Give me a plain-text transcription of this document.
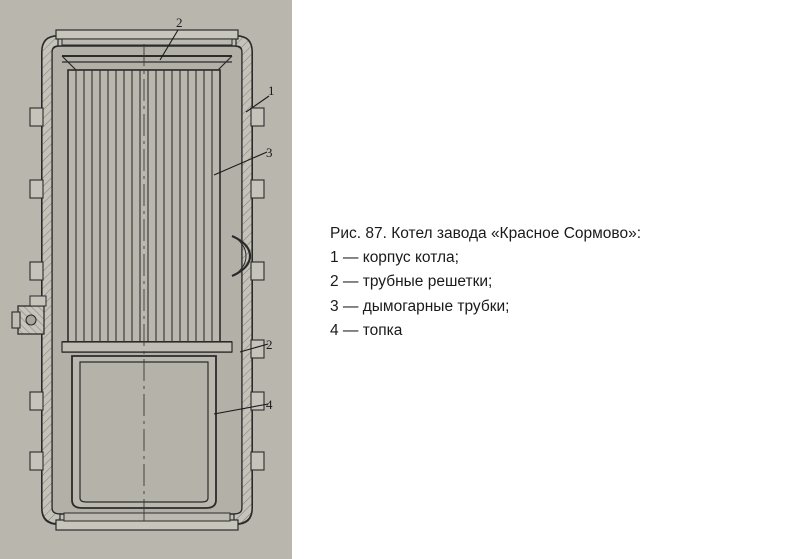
2
1
3
2
4
Рис. 87. Котел завода «Красное Сормово»:
1 — корпус котла;
2 — трубные решетки;
3 — дымогарные трубки;
4 — топка
